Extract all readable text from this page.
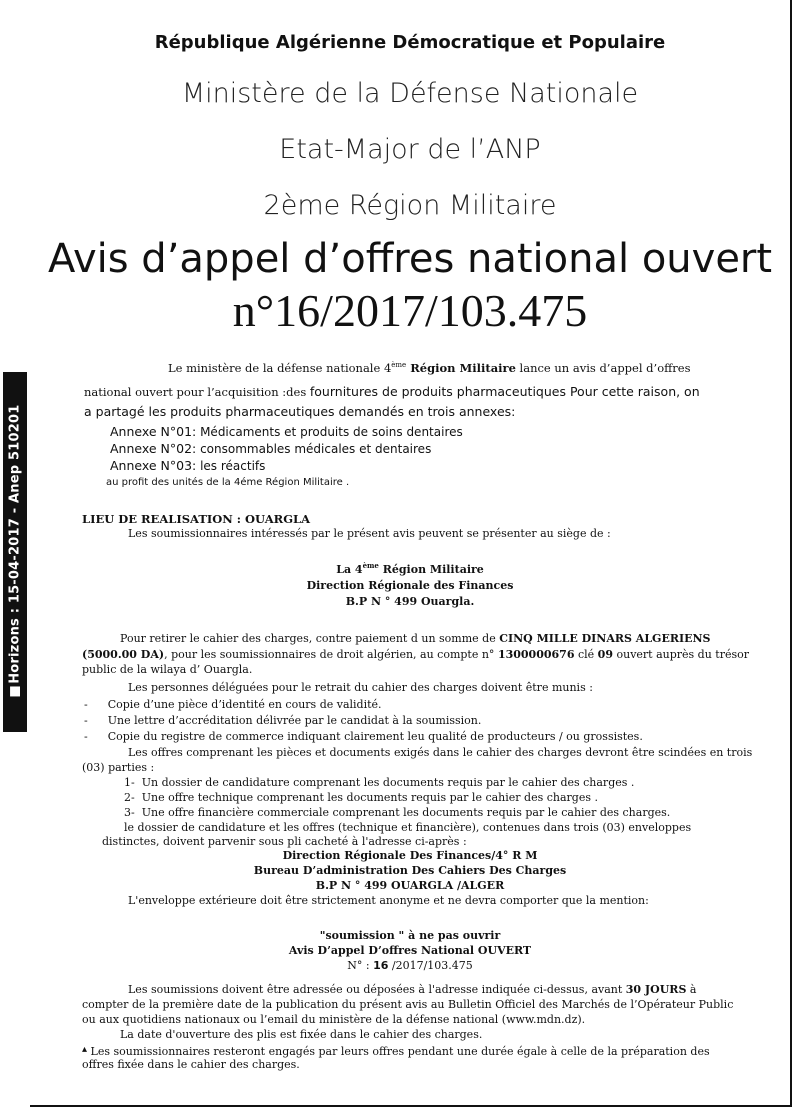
■Horizons : 15-04-2017 - Anep 510201
République Algérienne Démocratique et Populaire
Ministère de la Défense Nationale
Etat-Major de l’ANP
2ème Région Militaire
Avis d’appel d’offres national ouvert
n°16/2017/103.475
Le ministère de la défense nationale 4ème Région Militaire lance un avis d’appel d’offres
national ouvert pour l’acquisition :des fournitures de produits pharmaceutiques Pour cette raison, on
a partagé les produits pharmaceutiques demandés en trois annexes:
Annexe N°01: Médicaments et produits de soins dentaires
Annexe N°02: consommables médicales et dentaires
Annexe N°03: les réactifs
au profit des unités de la 4éme Région Militaire .
LIEU DE REALISATION : OUARGLA
Les soumissionnaires intéressés par le présent avis peuvent se présenter au siège de :
La 4ème Région Militaire
Direction Régionale des Finances
B.P N ° 499 Ouargla.
Pour retirer le cahier des charges, contre paiement d un somme de CINQ MILLE DINARS ALGERIENS
(5000.00 DA), pour les soumissionnaires de droit algérien, au compte n° 1300000676 clé 09 ouvert auprès du trésor
public de la wilaya d’ Ouargla.
Les personnes déléguées pour le retrait du cahier des charges doivent être munis :
- Copie d’une pièce d’identité en cours de validité.
- Une lettre d’accréditation délivrée par le candidat à la soumission.
- Copie du registre de commerce indiquant clairement leu qualité de producteurs / ou grossistes.
Les offres comprenant les pièces et documents exigés dans le cahier des charges devront être scindées en trois
(03) parties :
1- Un dossier de candidature comprenant les documents requis par le cahier des charges .
2- Une offre technique comprenant les documents requis par le cahier des charges .
3- Une offre financière commerciale comprenant les documents requis par le cahier des charges.
le dossier de candidature et les offres (technique et financière), contenues dans trois (03) enveloppes
distinctes, doivent parvenir sous pli cacheté à l'adresse ci-après :
Direction Régionale Des Finances/4° R M
Bureau D’administration Des Cahiers Des Charges
B.P N ° 499 OUARGLA /ALGER
L'enveloppe extérieure doit être strictement anonyme et ne devra comporter que la mention:
"soumission " à ne pas ouvrir
Avis D’appel D’offres National OUVERT
N° : 16 /2017/103.475
Les soumissions doivent être adressée ou déposées à l'adresse indiquée ci-dessus, avant 30 JOURS à
compter de la première date de la publication du présent avis au Bulletin Officiel des Marchés de l’Opérateur Public
ou aux quotidiens nationaux ou l’email du ministère de la défense national (www.mdn.dz).
La date d'ouverture des plis est fixée dans le cahier des charges.
▴ Les soumissionnaires resteront engagés par leurs offres pendant une durée égale à celle de la préparation des
offres fixée dans le cahier des charges.
